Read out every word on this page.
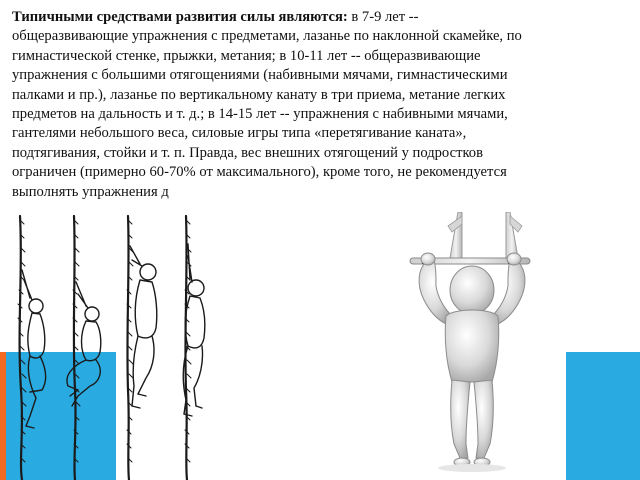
Типичными средствами развития силы являются: в 7-9 лет -- общеразвивающие упражнения с предметами, лазанье по наклонной скамейке, по гимнастической стенке, прыжки, метания; в 10-11 лет -- общеразвивающие упражнения с большими отягощениями (набивными мячами, гимнастическими палками и пр.), лазанье по вертикальному канату в три приема, метание легких предметов на дальность и т. д.; в 14-15 лет -- упражнения с набивными мячами, гантелями небольшого веса, силовые игры типа «перетягивание каната», подтягивания, стойки и т. п. Правда, вес внешних отягощений у подростков ограничен (примерно 60-70% от максимального), кроме того, не рекомендуется выполнять упражнения д
